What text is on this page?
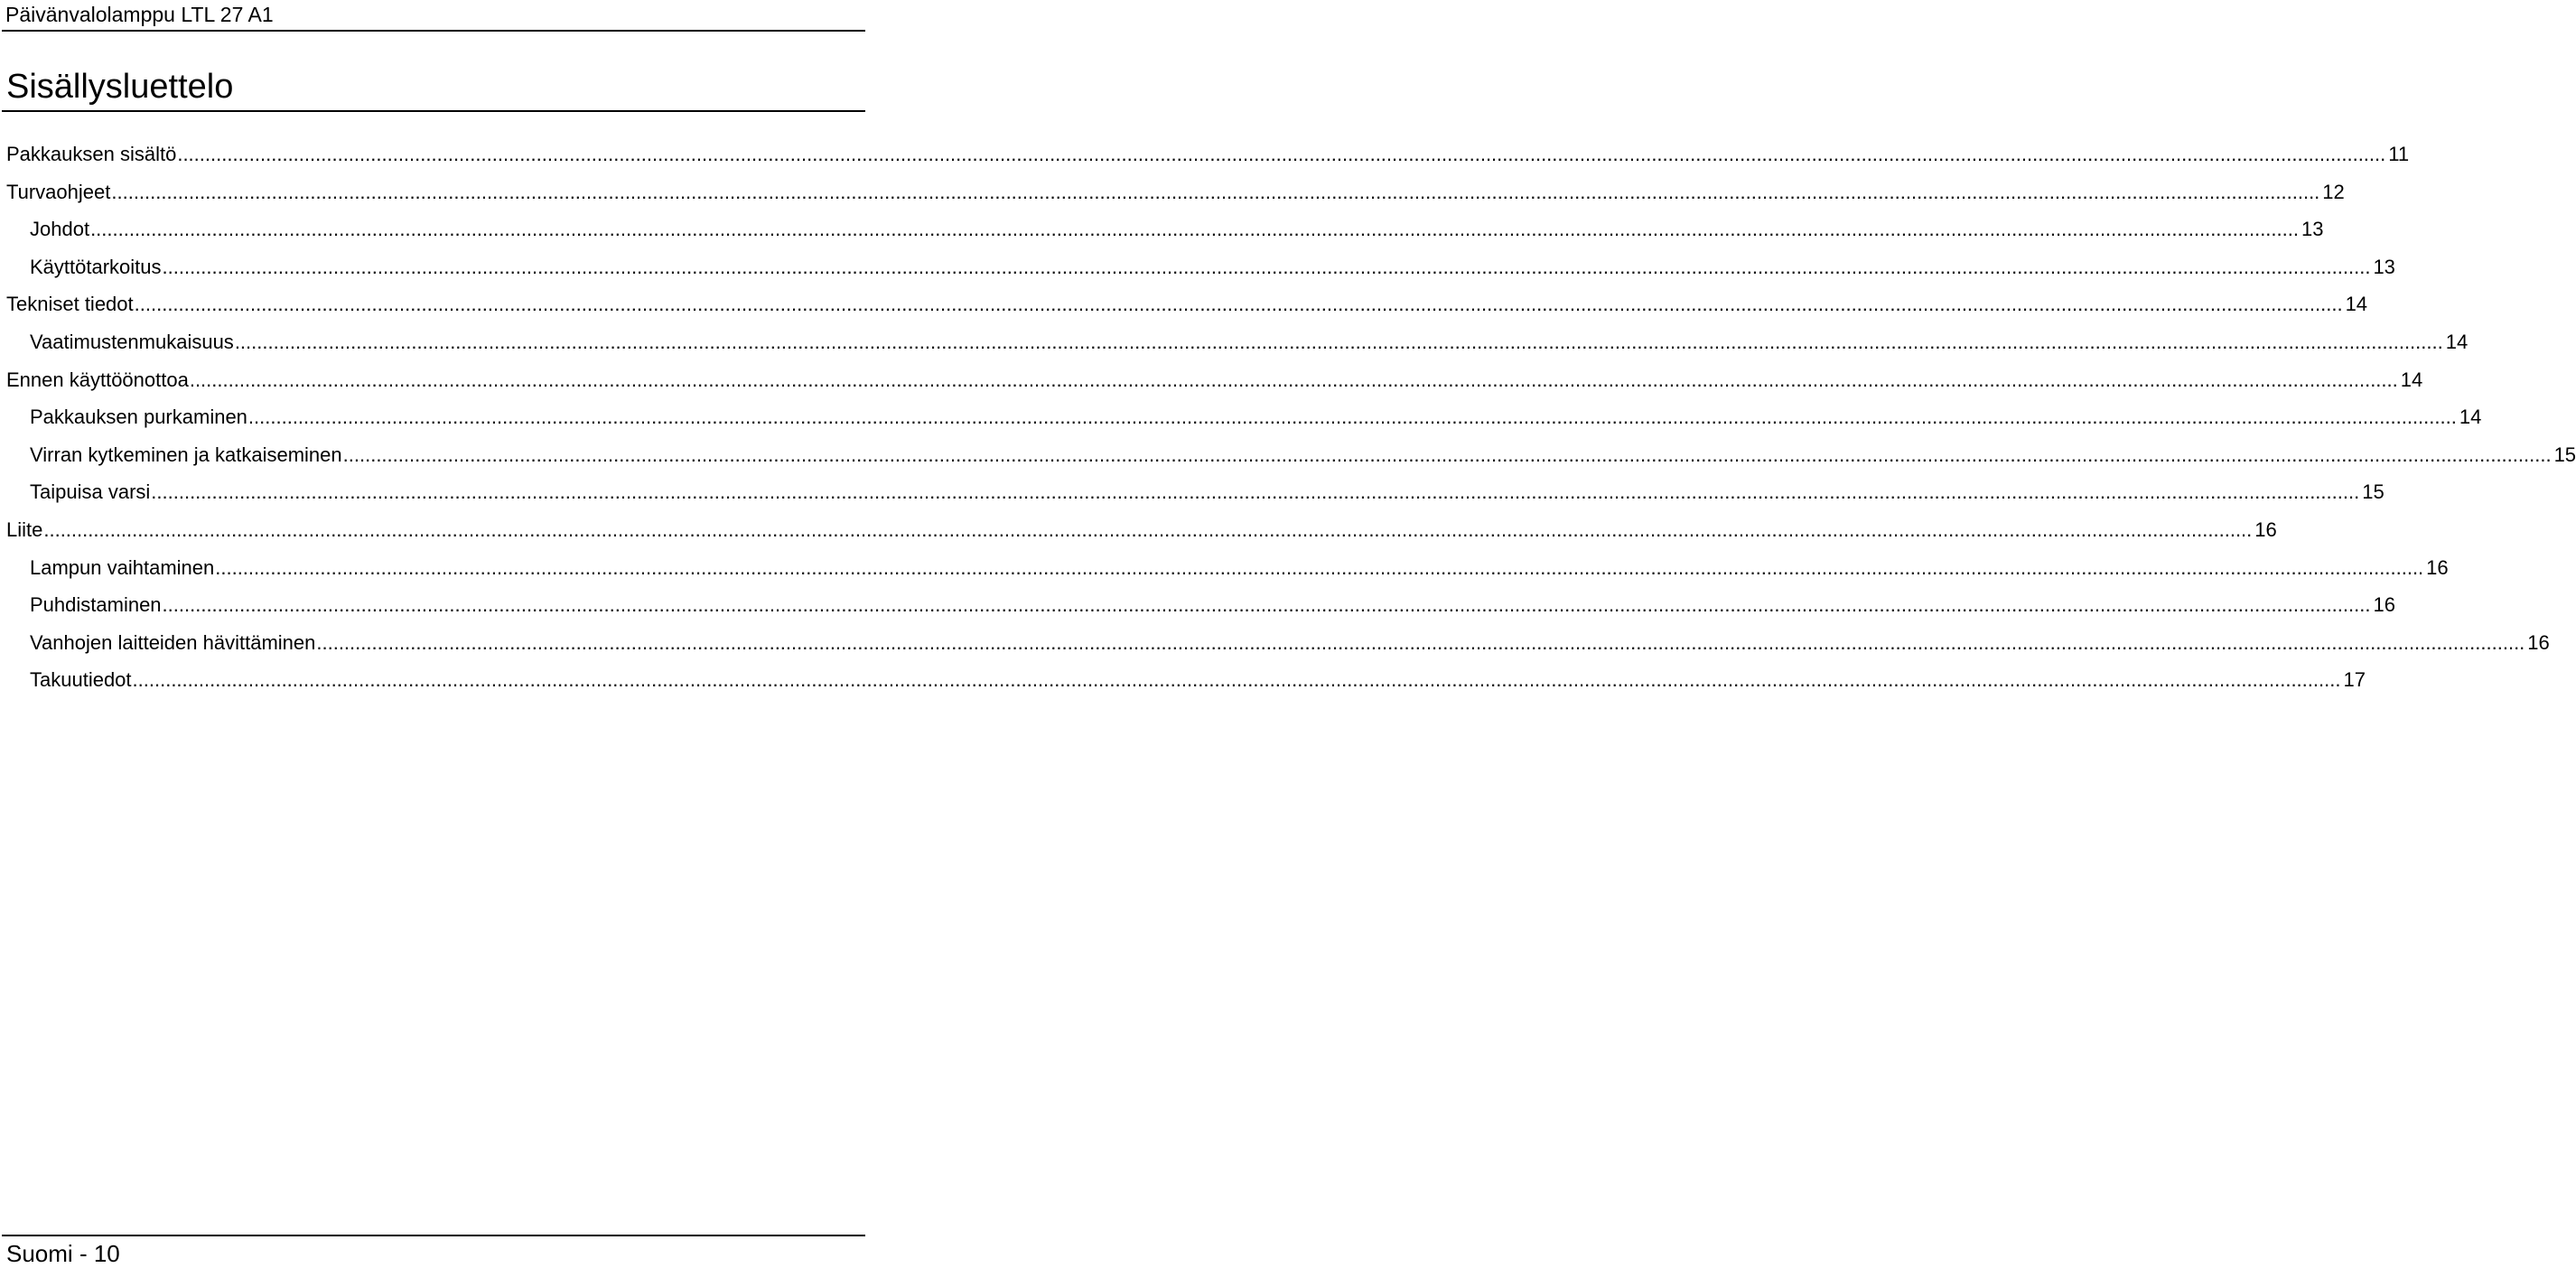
Päivänvalolamppu LTL 27 A1
Sisällysluettelo
Pakkauksen sisältö ................................................................................................................................................................................................................................................................................................................................................................................................................ 11
Turvaohjeet ................................................................................................................................................................................................................................................................................................................................................................................................................ 12
Johdot ................................................................................................................................................................................................................................................................................................................................................................................................................ 13
Käyttötarkoitus ................................................................................................................................................................................................................................................................................................................................................................................................................ 13
Tekniset tiedot ................................................................................................................................................................................................................................................................................................................................................................................................................ 14
Vaatimustenmukaisuus ................................................................................................................................................................................................................................................................................................................................................................................................................ 14
Ennen käyttöönottoa ................................................................................................................................................................................................................................................................................................................................................................................................................ 14
Pakkauksen purkaminen ................................................................................................................................................................................................................................................................................................................................................................................................................ 14
Virran kytkeminen ja katkaiseminen ................................................................................................................................................................................................................................................................................................................................................................................................................ 15
Taipuisa varsi ................................................................................................................................................................................................................................................................................................................................................................................................................ 15
Liite ................................................................................................................................................................................................................................................................................................................................................................................................................ 16
Lampun vaihtaminen ................................................................................................................................................................................................................................................................................................................................................................................................................ 16
Puhdistaminen ................................................................................................................................................................................................................................................................................................................................................................................................................ 16
Vanhojen laitteiden hävittäminen ................................................................................................................................................................................................................................................................................................................................................................................................................ 16
Takuutiedot ................................................................................................................................................................................................................................................................................................................................................................................................................ 17
Suomi - 10
